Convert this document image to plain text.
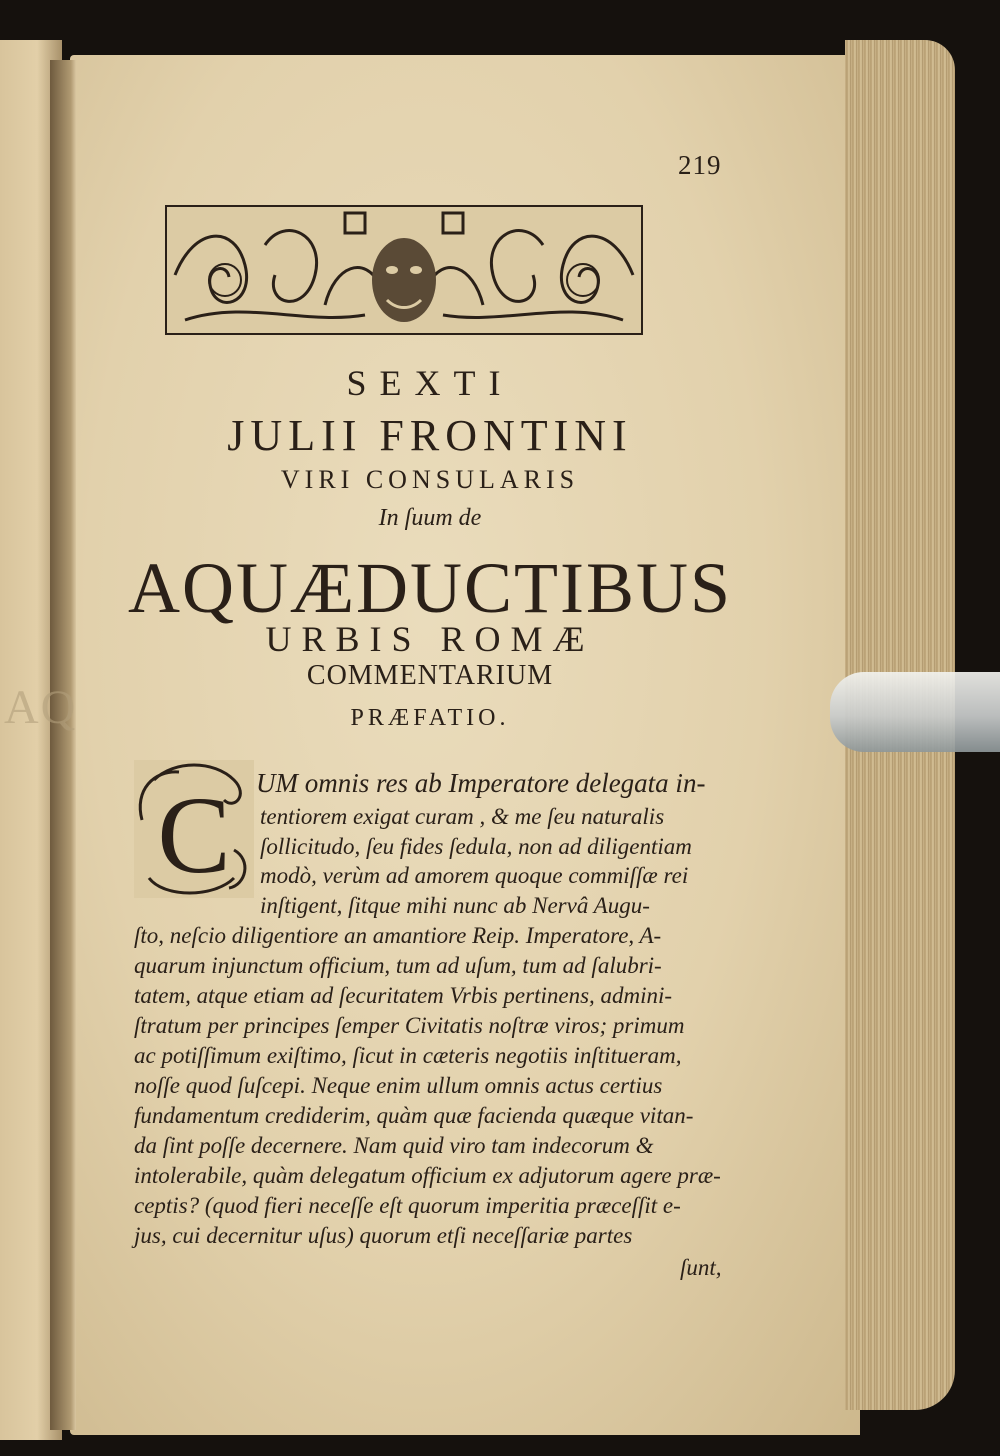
AQ
219
SEXTI
JULII FRONTINI
VIRI CONSULARIS
In ſuum de
AQUÆDUCTIBUS
URBIS ROMÆ
COMMENTARIUM
PRÆFATIO.
C UM omnis res ab Imperatore delegata in-
tentiorem exigat curam , & me ſeu naturalis
ſollicitudo, ſeu fides ſedula, non ad diligentiam
modò, verùm ad amorem quoque commiſſæ rei
inſtigent, ſitque mihi nunc ab Nervâ Augu-
ſto, neſcio diligentiore an amantiore Reip. Imperatore, A-
quarum injunctum officium, tum ad uſum, tum ad ſalubri-
tatem, atque etiam ad ſecuritatem Vrbis pertinens, admini-
ſtratum per principes ſemper Civitatis noſtræ viros; primum
ac potiſſimum exiſtimo, ſicut in cæteris negotiis inſtitueram,
noſſe quod ſuſcepi. Neque enim ullum omnis actus certius
fundamentum crediderim, quàm quæ facienda quæque vitan-
da ſint poſſe decernere. Nam quid viro tam indecorum &
intolerabile, quàm delegatum officium ex adjutorum agere præ-
ceptis? (quod fieri neceſſe eſt quorum imperitia præceſſit e-
jus, cui decernitur uſus) quorum etſi neceſſariæ partes
ſunt,
